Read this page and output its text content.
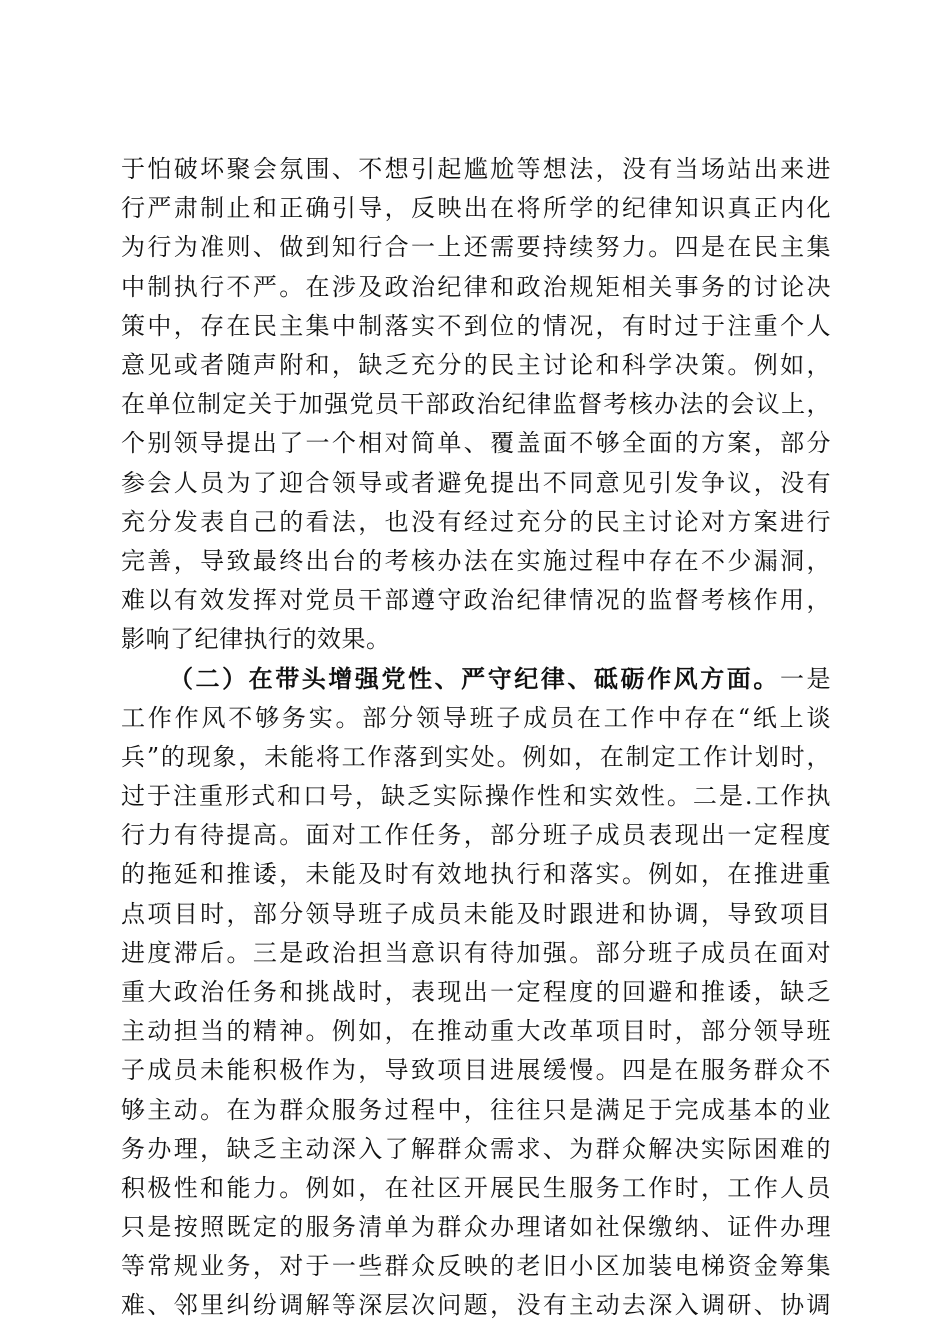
于怕破坏聚会氛围、不想引起尴尬等想法，没有当场站出来进
行严肃制止和正确引导，反映出在将所学的纪律知识真正内化
为行为准则、做到知行合一上还需要持续努力。四是在民主集
中制执行不严。在涉及政治纪律和政治规矩相关事务的讨论决
策中，存在民主集中制落实不到位的情况，有时过于注重个人
意见或者随声附和，缺乏充分的民主讨论和科学决策。例如，
在单位制定关于加强党员干部政治纪律监督考核办法的会议上，
个别领导提出了一个相对简单、覆盖面不够全面的方案，部分
参会人员为了迎合领导或者避免提出不同意见引发争议，没有
充分发表自己的看法，也没有经过充分的民主讨论对方案进行
完善，导致最终出台的考核办法在实施过程中存在不少漏洞，
难以有效发挥对党员干部遵守政治纪律情况的监督考核作用，
影响了纪律执行的效果。
（二）在带头增强党性、严守纪律、砥砺作风方面。一是
工作作风不够务实。部分领导班子成员在工作中存在“纸上谈
兵”的现象，未能将工作落到实处。例如，在制定工作计划时，
过于注重形式和口号，缺乏实际操作性和实效性。二是.工作执
行力有待提高。面对工作任务，部分班子成员表现出一定程度
的拖延和推诿，未能及时有效地执行和落实。例如，在推进重
点项目时，部分领导班子成员未能及时跟进和协调，导致项目
进度滞后。三是政治担当意识有待加强。部分班子成员在面对
重大政治任务和挑战时，表现出一定程度的回避和推诿，缺乏
主动担当的精神。例如，在推动重大改革项目时，部分领导班
子成员未能积极作为，导致项目进展缓慢。四是在服务群众不
够主动。在为群众服务过程中，往往只是满足于完成基本的业
务办理，缺乏主动深入了解群众需求、为群众解决实际困难的
积极性和能力。例如，在社区开展民生服务工作时，工作人员
只是按照既定的服务清单为群众办理诸如社保缴纳、证件办理
等常规业务，对于一些群众反映的老旧小区加装电梯资金筹集
难、邻里纠纷调解等深层次问题，没有主动去深入调研、协调
